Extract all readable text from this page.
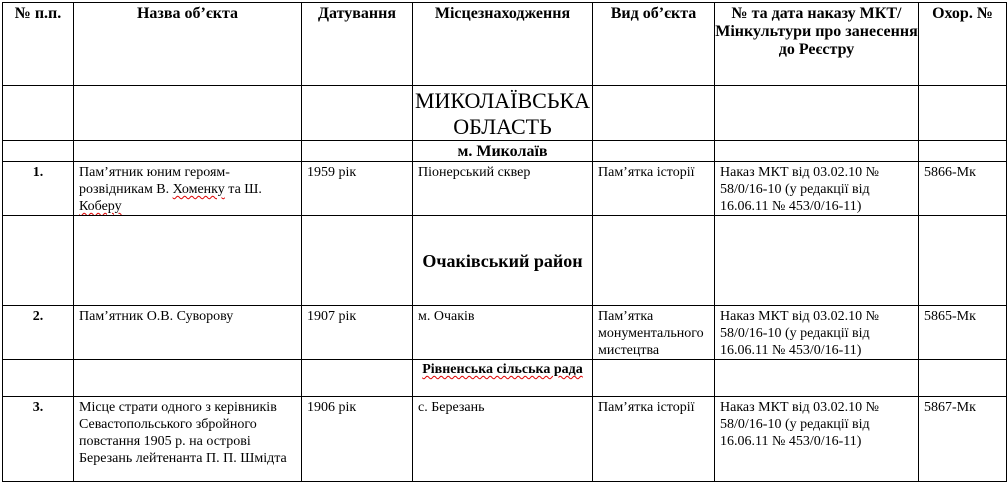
№ п.п.	Назва об’єкта	Датування	Місцезнаходження	Вид об’єкта	№ та дата наказу МКТ/Мінкультури про занесення до Реєстру	Охор. №
			МИКОЛАЇВСЬКА ОБЛАСТЬ			
			м. Миколаїв			
1.	Пам’ятник юним героям-розвідникам В. Хоменку та Ш. Коберу	1959 рік	Піонерський сквер	Пам’ятка історії	Наказ МКТ від 03.02.10 № 58/0/16-10 (у редакції від 16.06.11 № 453/0/16-11)	5866-Мк
			Очаківський район			
2.	Пам’ятник О.В. Суворову	1907 рік	м. Очаків	Пам’ятка монументального мистецтва	Наказ МКТ від 03.02.10 № 58/0/16-10 (у редакції від 16.06.11 № 453/0/16-11)	5865-Мк
			Рівненська сільська рада			
3.	Місце страти одного з керівників Севастопольського збройного повстання 1905 р. на острові Березань лейтенанта П. П. Шмідта	1906 рік	с. Березань	Пам’ятка історії	Наказ МКТ від 03.02.10 № 58/0/16-10 (у редакції від 16.06.11 № 453/0/16-11)	5867-Мк
